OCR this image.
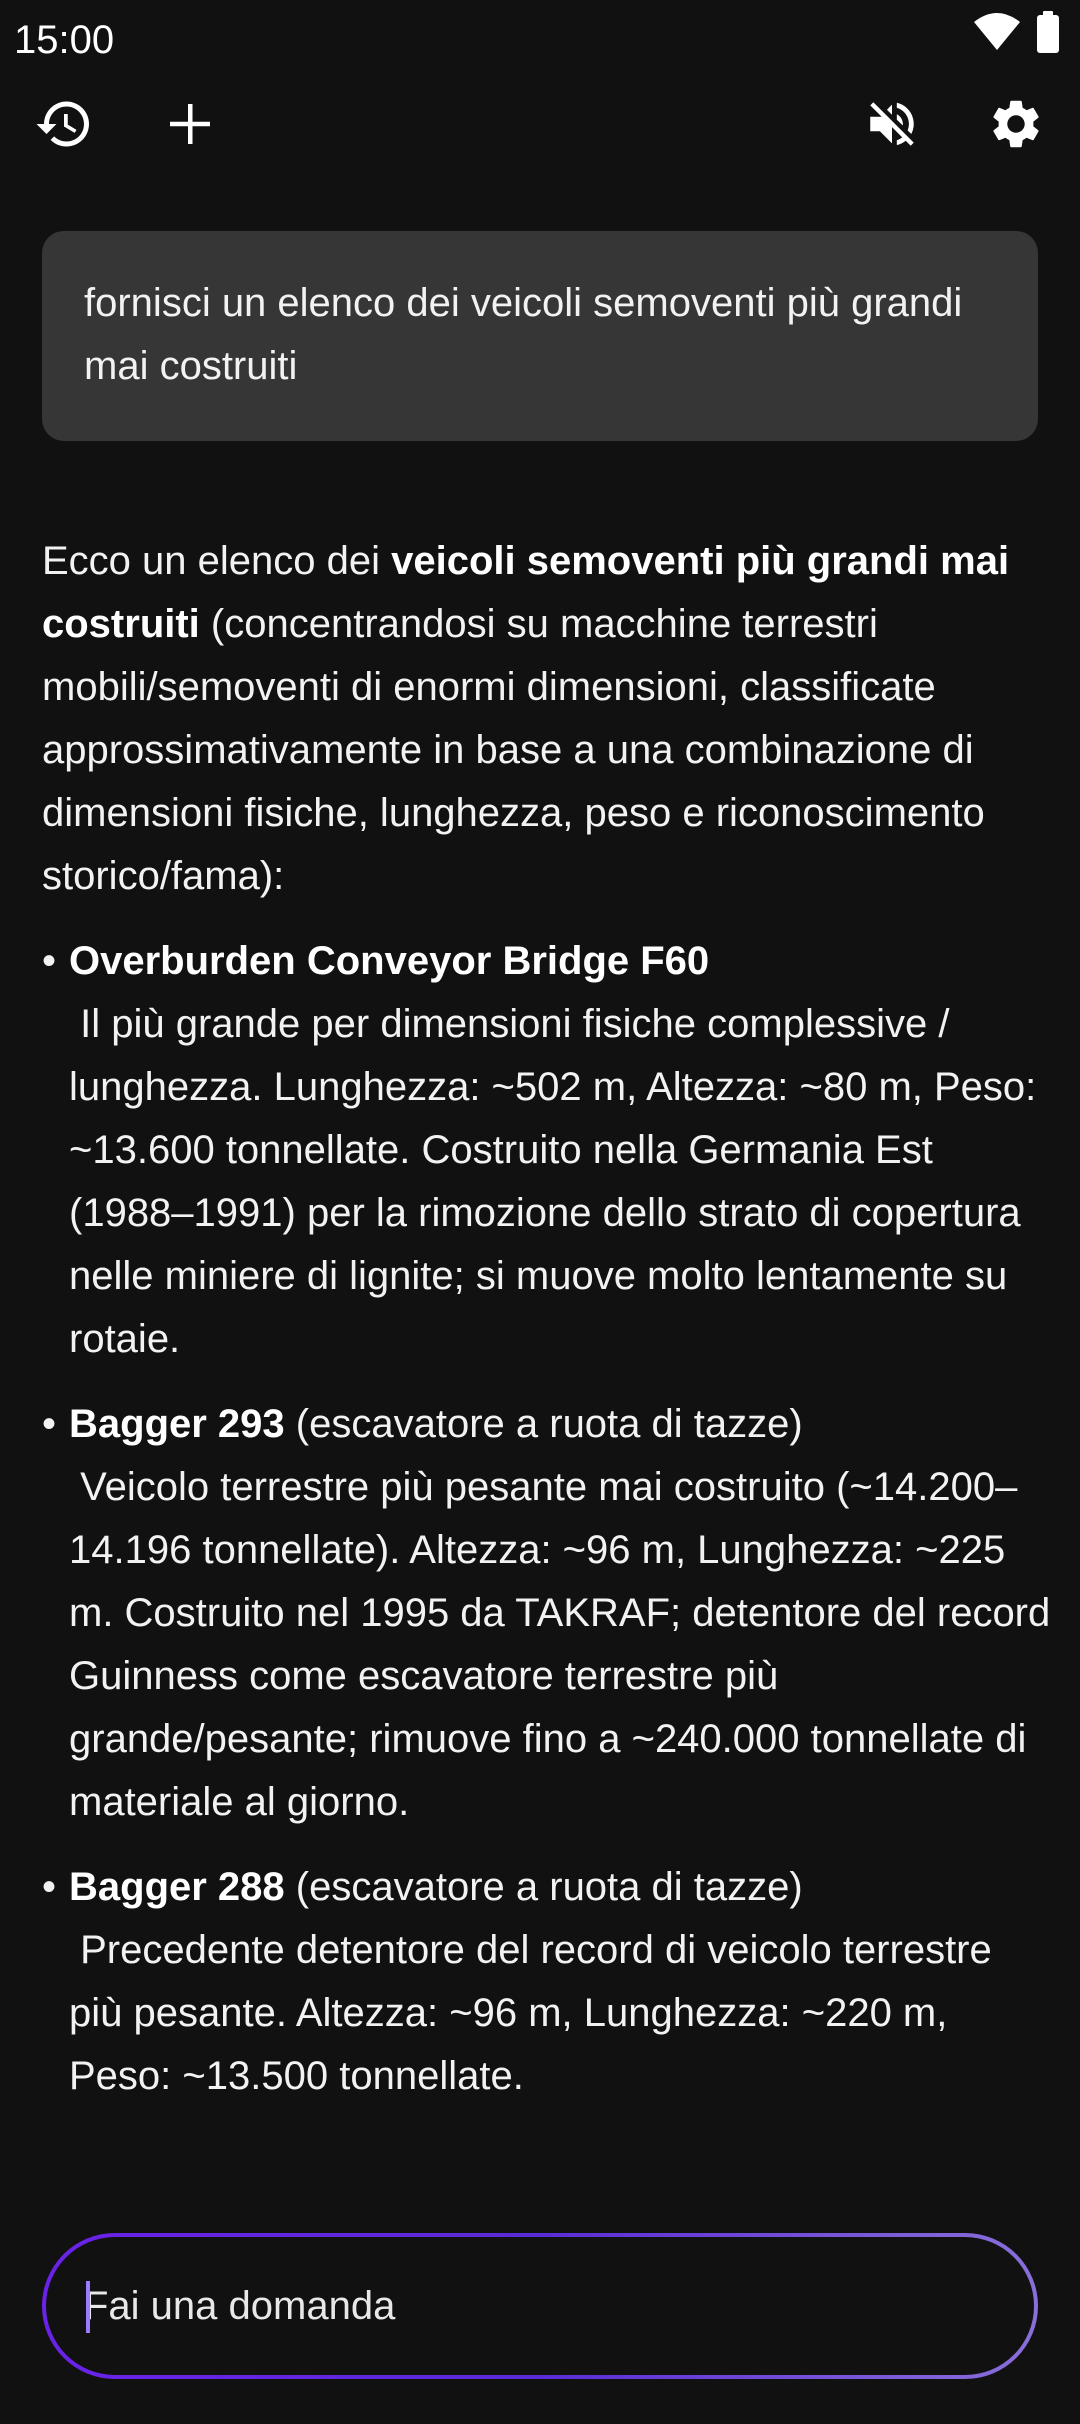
15:00
fornisci un elenco dei veicoli semoventi più grandi mai costruiti

Ecco un elenco dei veicoli semoventi più grandi mai costruiti (concentrandosi su macchine terrestri mobili/semoventi di enormi dimensioni, classificate approssimativamente in base a una combinazione di dimensioni fisiche, lunghezza, peso e riconoscimento storico/fama):

• Overburden Conveyor Bridge F60
Il più grande per dimensioni fisiche complessive / lunghezza. Lunghezza: ~502 m, Altezza: ~80 m, Peso: ~13.600 tonnellate. Costruito nella Germania Est (1988–1991) per la rimozione dello strato di copertura nelle miniere di lignite; si muove molto lentamente su rotaie.
• Bagger 293 (escavatore a ruota di tazze)
Veicolo terrestre più pesante mai costruito (~14.200–14.196 tonnellate). Altezza: ~96 m, Lunghezza: ~225 m. Costruito nel 1995 da TAKRAF; detentore del record Guinness come escavatore terrestre più grande/pesante; rimuove fino a ~240.000 tonnellate di materiale al giorno.
• Bagger 288 (escavatore a ruota di tazze)
Precedente detentore del record di veicolo terrestre più pesante. Altezza: ~96 m, Lunghezza: ~220 m, Peso: ~13.500 tonnellate.
Fai una domanda
